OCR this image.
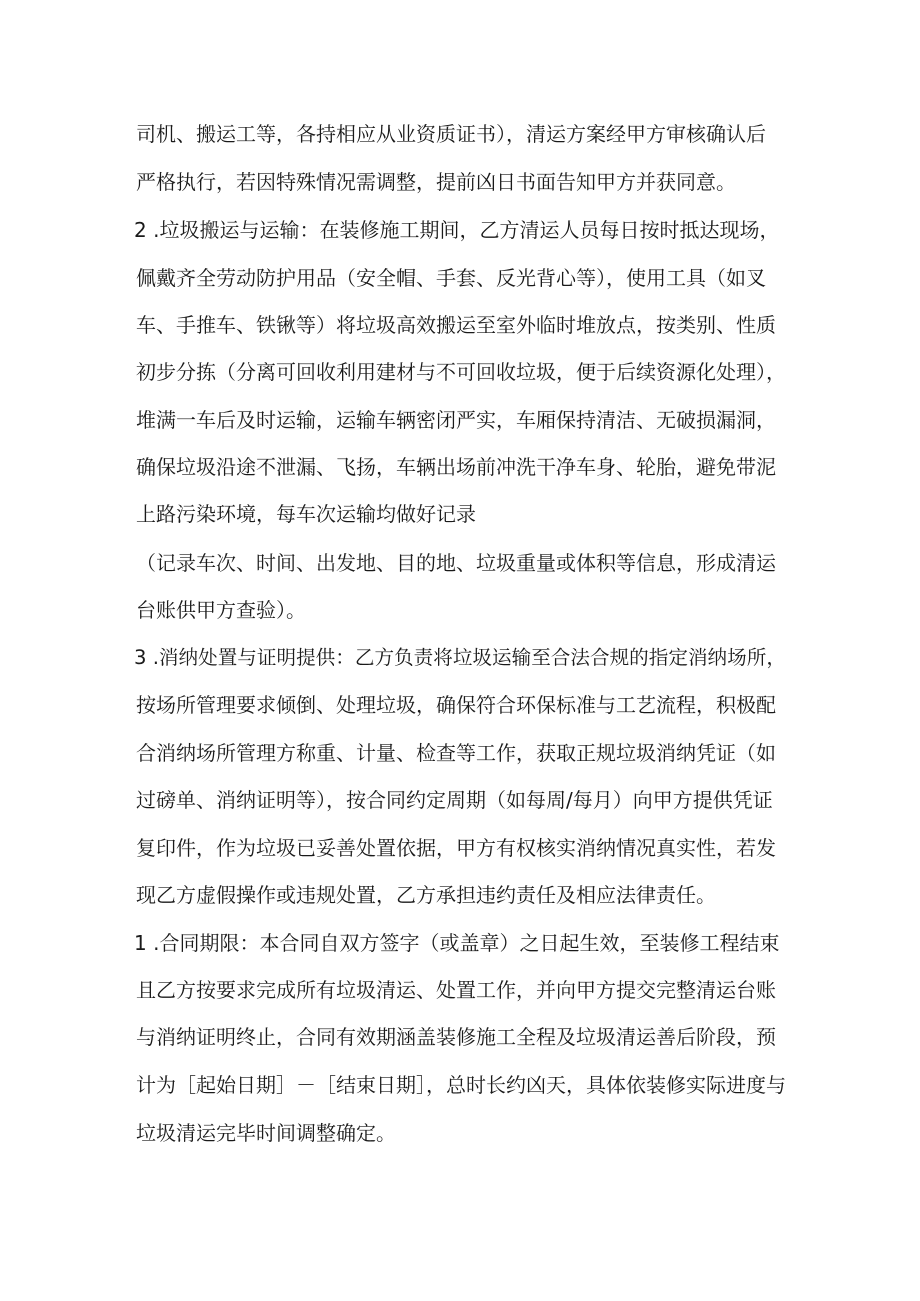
司机、搬运工等，各持相应从业资质证书），清运方案经甲方审核确认后
严格执行，若因特殊情况需调整，提前凶日书面告知甲方并获同意。
2 .垃圾搬运与运输：在装修施工期间，乙方清运人员每日按时抵达现场，
佩戴齐全劳动防护用品（安全帽、手套、反光背心等），使用工具（如叉
车、手推车、铁锹等）将垃圾高效搬运至室外临时堆放点，按类别、性质
初步分拣（分离可回收利用建材与不可回收垃圾，便于后续资源化处理），
堆满一车后及时运输，运输车辆密闭严实，车厢保持清洁、无破损漏洞，
确保垃圾沿途不泄漏、飞扬，车辆出场前冲洗干净车身、轮胎，避免带泥
上路污染环境，每车次运输均做好记录
（记录车次、时间、出发地、目的地、垃圾重量或体积等信息，形成清运
台账供甲方查验）。
3 .消纳处置与证明提供：乙方负责将垃圾运输至合法合规的指定消纳场所，
按场所管理要求倾倒、处理垃圾，确保符合环保标准与工艺流程，积极配
合消纳场所管理方称重、计量、检查等工作，获取正规垃圾消纳凭证（如
过磅单、消纳证明等），按合同约定周期（如每周/每月）向甲方提供凭证
复印件，作为垃圾已妥善处置依据，甲方有权核实消纳情况真实性，若发
现乙方虚假操作或违规处置，乙方承担违约责任及相应法律责任。
1 .合同期限：本合同自双方签字（或盖章）之日起生效，至装修工程结束
且乙方按要求完成所有垃圾清运、处置工作，并向甲方提交完整清运台账
与消纳证明终止，合同有效期涵盖装修施工全程及垃圾清运善后阶段，预
计为［起始日期］－［结束日期］，总时长约凶天，具体依装修实际进度与
垃圾清运完毕时间调整确定。
